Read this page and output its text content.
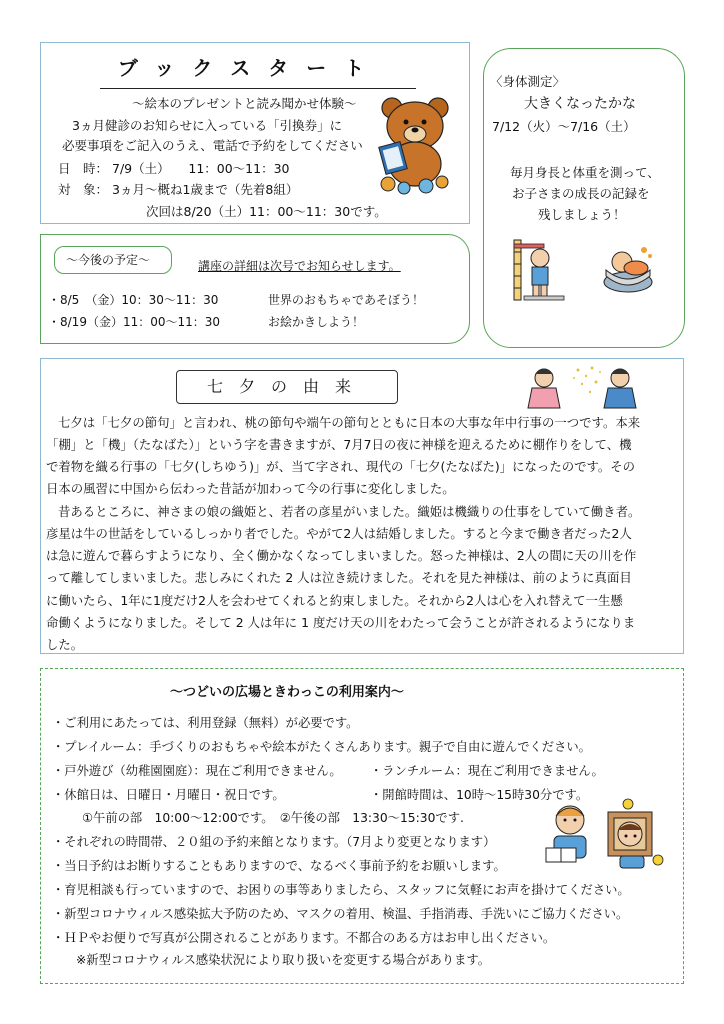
ブックスタート
～絵本のプレゼントと読み聞かせ体験～
3ヵ月健診のお知らせに入っている「引換券」に
必要事項をご記入のうえ、電話で予約をしてください
日　時： 7/9（土）　　11：00～11：30
対　象： 3ヵ月～概ね1歳まで（先着8組）
次回は8/20（土）11：00～11：30です。
〈身体測定〉
大きくなったかな
7/12（火）～7/16（土）
毎月身長と体重を測って、
お子さまの成長の記録を
残しましょう！
～今後の予定～	講座の詳細は次号でお知らせします。
・8/5　（金）10：30～11：30	世界のおもちゃであそぼう！
・8/19（金）11：00～11：30	お絵かきしよう！
七夕の由来
七夕は「七夕の節句」と言われ、桃の節句や端午の節句とともに日本の大事な年中行事の一つです。本来
「棚」と「機」（たなばた）」という字を書きますが、7月7日の夜に神様を迎えるために棚作りをして、機
で着物を織る行事の「七夕(しちゆう)」が、当て字され、現代の「七夕(たなばた)」になったのです。その
日本の風習に中国から伝わった昔話が加わって今の行事に変化しました。
昔あるところに、神さまの娘の織姫と、若者の彦星がいました。織姫は機織りの仕事をしていて働き者。
彦星は牛の世話をしているしっかり者でした。やがて2人は結婚しました。すると今まで働き者だった2人
は急に遊んで暮らすようになり、全く働かなくなってしまいました。怒った神様は、2人の間に天の川を作
って離してしまいました。悲しみにくれた 2 人は泣き続けました。それを見た神様は、前のように真面目
に働いたら、1年に1度だけ2人を会わせてくれると約束しました。それから2人は心を入れ替えて一生懸
命働くようになりました。そして 2 人は年に 1 度だけ天の川をわたって会うことが許されるようになりま
した。
～つどいの広場ときわっこの利用案内～
・ご利用にあたっては、利用登録（無料）が必要です。
・プレイルーム：手づくりのおもちゃや絵本がたくさんあります。親子で自由に遊んでください。
・戸外遊び（幼稚園園庭）：現在ご利用できません。 ・ランチルーム：現在ご利用できません。
・休館日は、日曜日・月曜日・祝日です。	・開館時間は、10時～15時30分です。
①午前の部　10:00～12:00です。　②午後の部　13:30～15:30です.
・それぞれの時間帯、２０組の予約来館となります。（7月より変更となります）
・当日予約はお断りすることもありますので、なるべく事前予約をお願いします。
・育児相談も行っていますので、お困りの事等ありましたら、スタッフに気軽にお声を掛けてください。
・新型コロナウィルス感染拡大予防のため、マスクの着用、検温、手指消毒、手洗いにご協力ください。
・ＨＰやお便りで写真が公開されることがあります。不都合のある方はお申し出ください。
※新型コロナウィルス感染状況により取り扱いを変更する場合があります。
